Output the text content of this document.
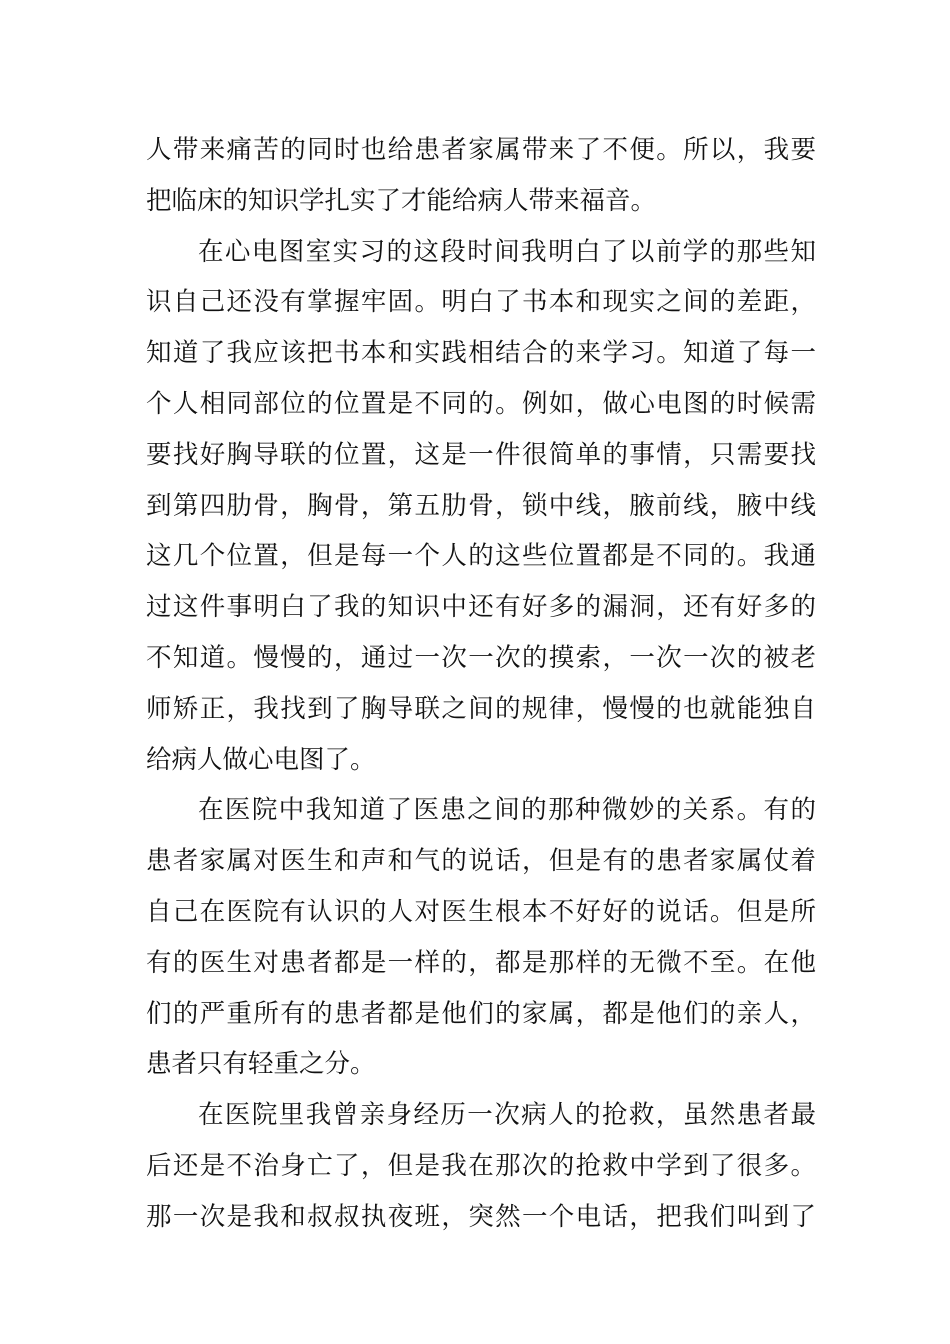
人带来痛苦的同时也给患者家属带来了不便。所以，我要
把临床的知识学扎实了才能给病人带来福音。
在心电图室实习的这段时间我明白了以前学的那些知
识自己还没有掌握牢固。明白了书本和现实之间的差距，
知道了我应该把书本和实践相结合的来学习。知道了每一
个人相同部位的位置是不同的。例如，做心电图的时候需
要找好胸导联的位置，这是一件很简单的事情，只需要找
到第四肋骨，胸骨，第五肋骨，锁中线，腋前线，腋中线
这几个位置，但是每一个人的这些位置都是不同的。我通
过这件事明白了我的知识中还有好多的漏洞，还有好多的
不知道。慢慢的，通过一次一次的摸索，一次一次的被老
师矫正，我找到了胸导联之间的规律，慢慢的也就能独自
给病人做心电图了。
在医院中我知道了医患之间的那种微妙的关系。有的
患者家属对医生和声和气的说话，但是有的患者家属仗着
自己在医院有认识的人对医生根本不好好的说话。但是所
有的医生对患者都是一样的，都是那样的无微不至。在他
们的严重所有的患者都是他们的家属，都是他们的亲人，
患者只有轻重之分。
在医院里我曾亲身经历一次病人的抢救，虽然患者最
后还是不治身亡了，但是我在那次的抢救中学到了很多。
那一次是我和叔叔执夜班，突然一个电话，把我们叫到了
